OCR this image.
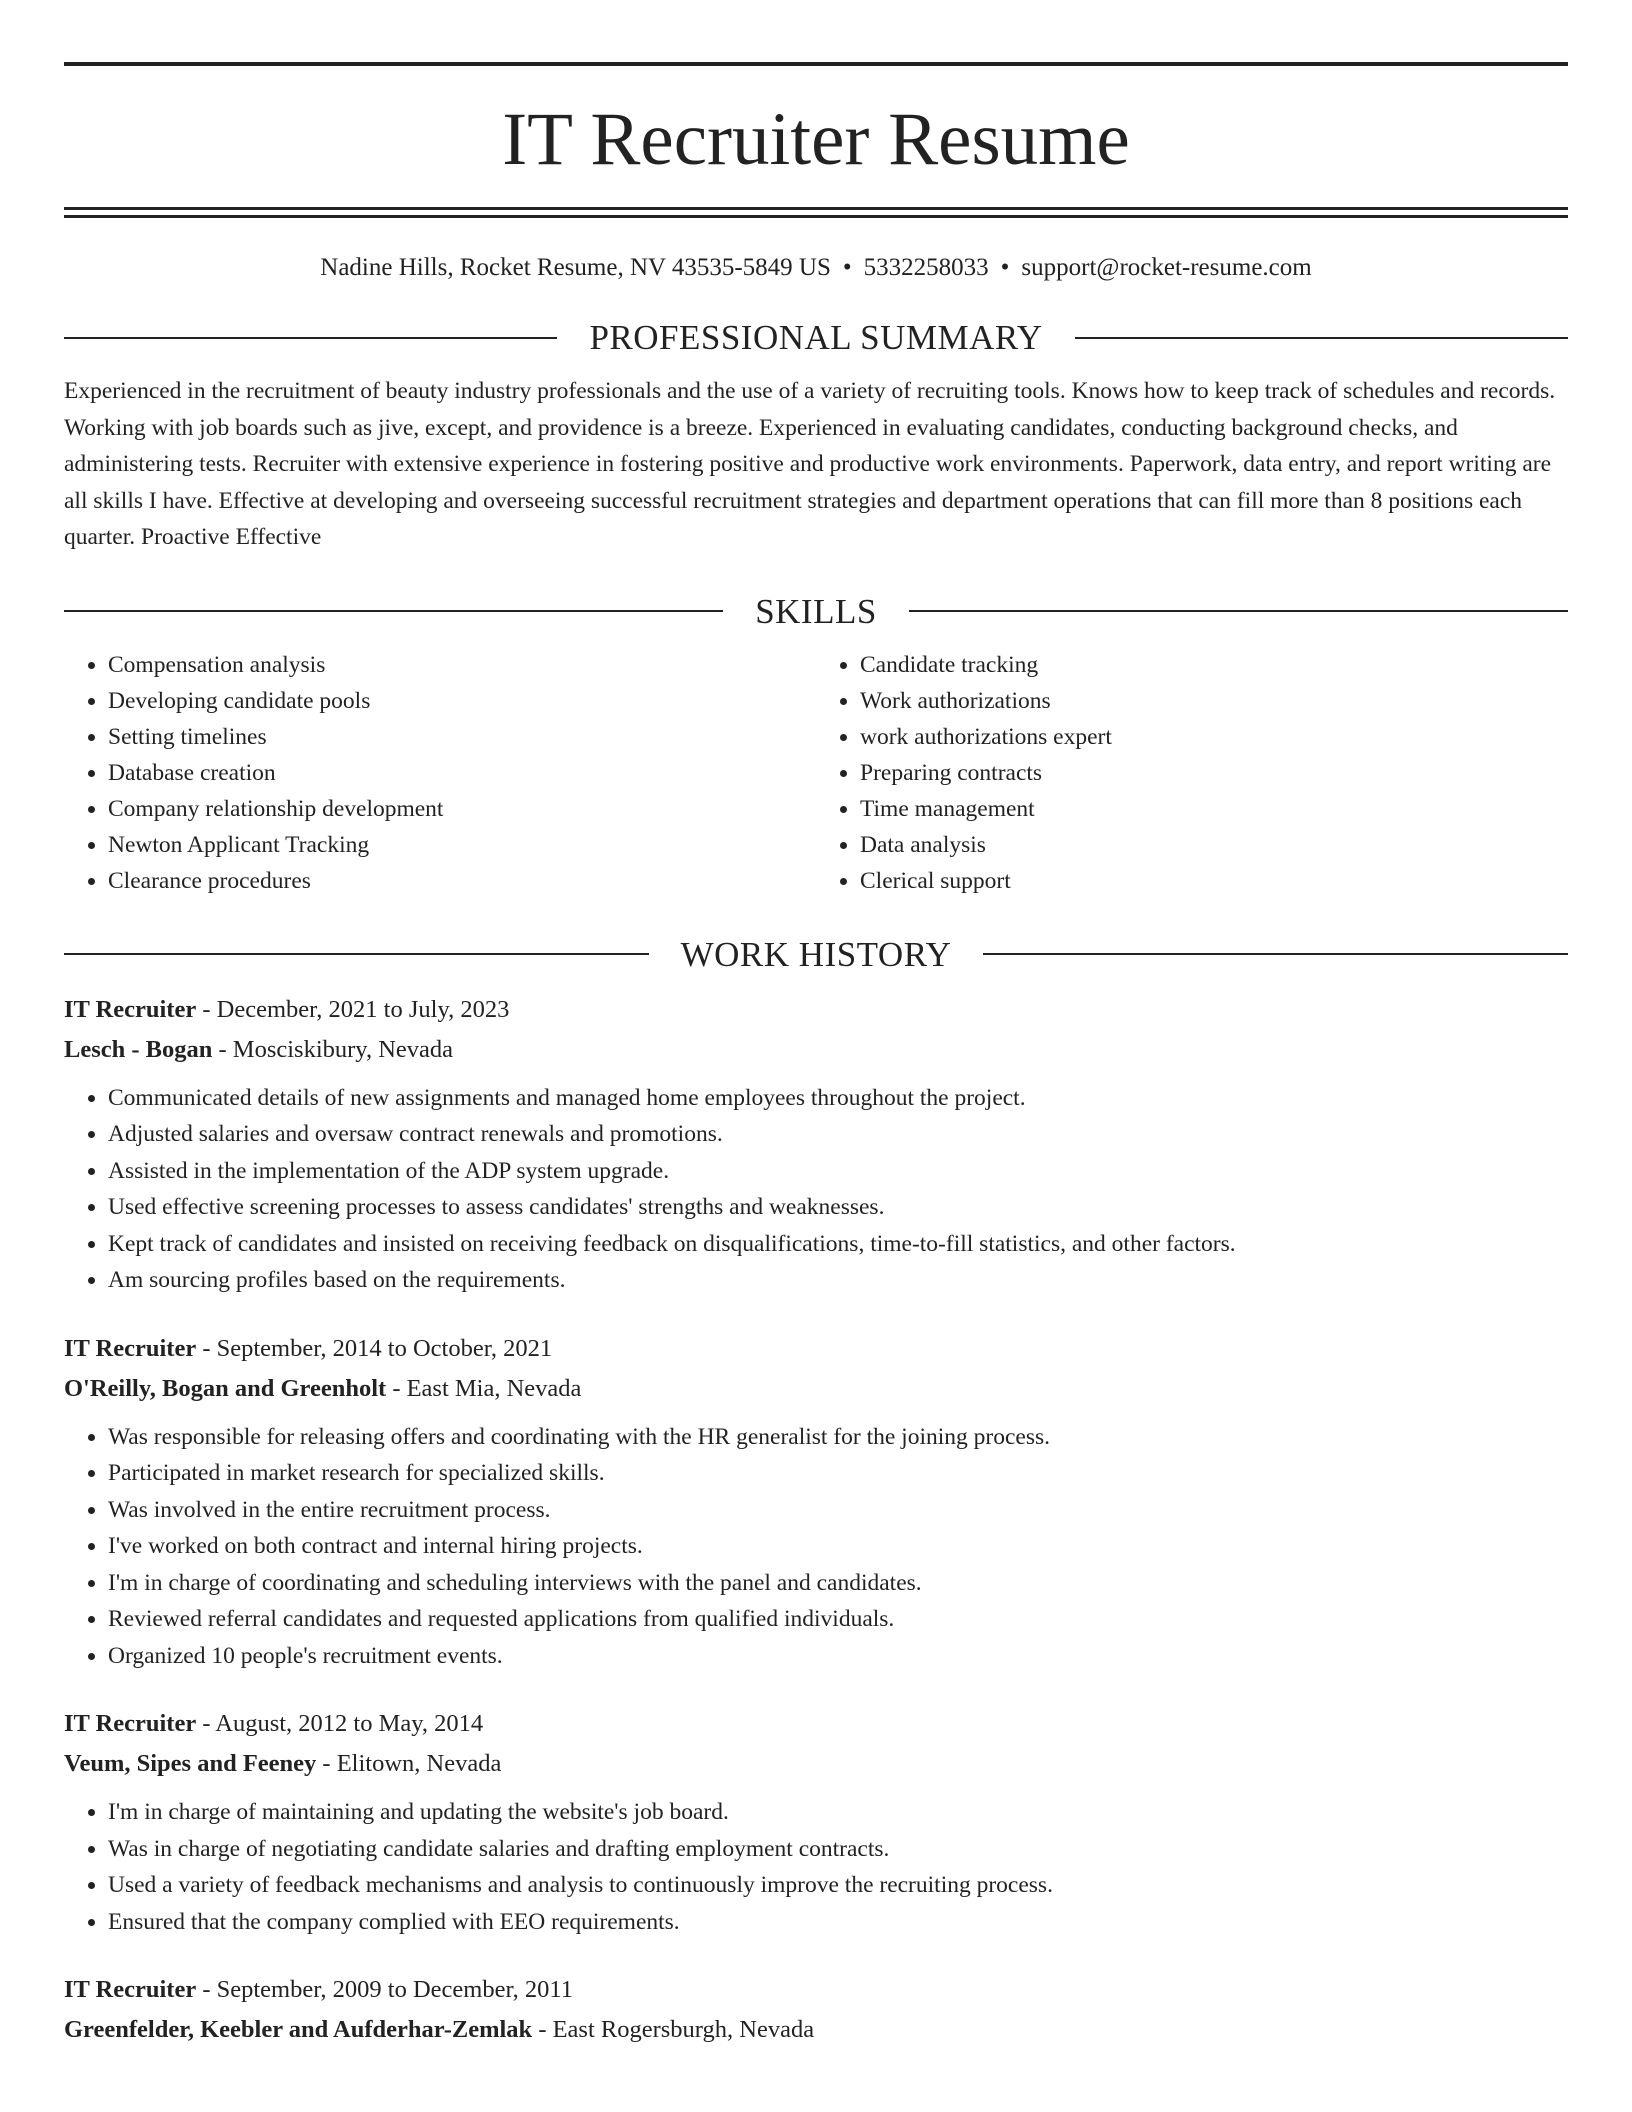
IT Recruiter Resume
Nadine Hills, Rocket Resume, NV 43535-5849 US • 5332258033 • support@rocket-resume.com
PROFESSIONAL SUMMARY

Experienced in the recruitment of beauty industry professionals and the use of a variety of recruiting tools. Knows how to keep track of schedules and records. Working with job boards such as jive, except, and providence is a breeze. Experienced in evaluating candidates, conducting background checks, and administering tests. Recruiter with extensive experience in fostering positive and productive work environments. Paperwork, data entry, and report writing are all skills I have. Effective at developing and overseeing successful recruitment strategies and department operations that can fill more than 8 positions each quarter. Proactive Effective

SKILLS
• Compensation analysis
• Developing candidate pools
• Setting timelines
• Database creation
• Company relationship development
• Newton Applicant Tracking
• Clearance procedures
• Candidate tracking
• Work authorizations
• work authorizations expert
• Preparing contracts
• Time management
• Data analysis
• Clerical support
WORK HISTORY
IT Recruiter - December, 2021 to July, 2023
Lesch - Bogan - Mosciskibury, Nevada
• Communicated details of new assignments and managed home employees throughout the project.
• Adjusted salaries and oversaw contract renewals and promotions.
• Assisted in the implementation of the ADP system upgrade.
• Used effective screening processes to assess candidates' strengths and weaknesses.
• Kept track of candidates and insisted on receiving feedback on disqualifications, time-to-fill statistics, and other factors.
• Am sourcing profiles based on the requirements.
IT Recruiter - September, 2014 to October, 2021
O'Reilly, Bogan and Greenholt - East Mia, Nevada
• Was responsible for releasing offers and coordinating with the HR generalist for the joining process.
• Participated in market research for specialized skills.
• Was involved in the entire recruitment process.
• I've worked on both contract and internal hiring projects.
• I'm in charge of coordinating and scheduling interviews with the panel and candidates.
• Reviewed referral candidates and requested applications from qualified individuals.
• Organized 10 people's recruitment events.
IT Recruiter - August, 2012 to May, 2014
Veum, Sipes and Feeney - Elitown, Nevada
• I'm in charge of maintaining and updating the website's job board.
• Was in charge of negotiating candidate salaries and drafting employment contracts.
• Used a variety of feedback mechanisms and analysis to continuously improve the recruiting process.
• Ensured that the company complied with EEO requirements.
IT Recruiter - September, 2009 to December, 2011
Greenfelder, Keebler and Aufderhar-Zemlak - East Rogersburgh, Nevada
